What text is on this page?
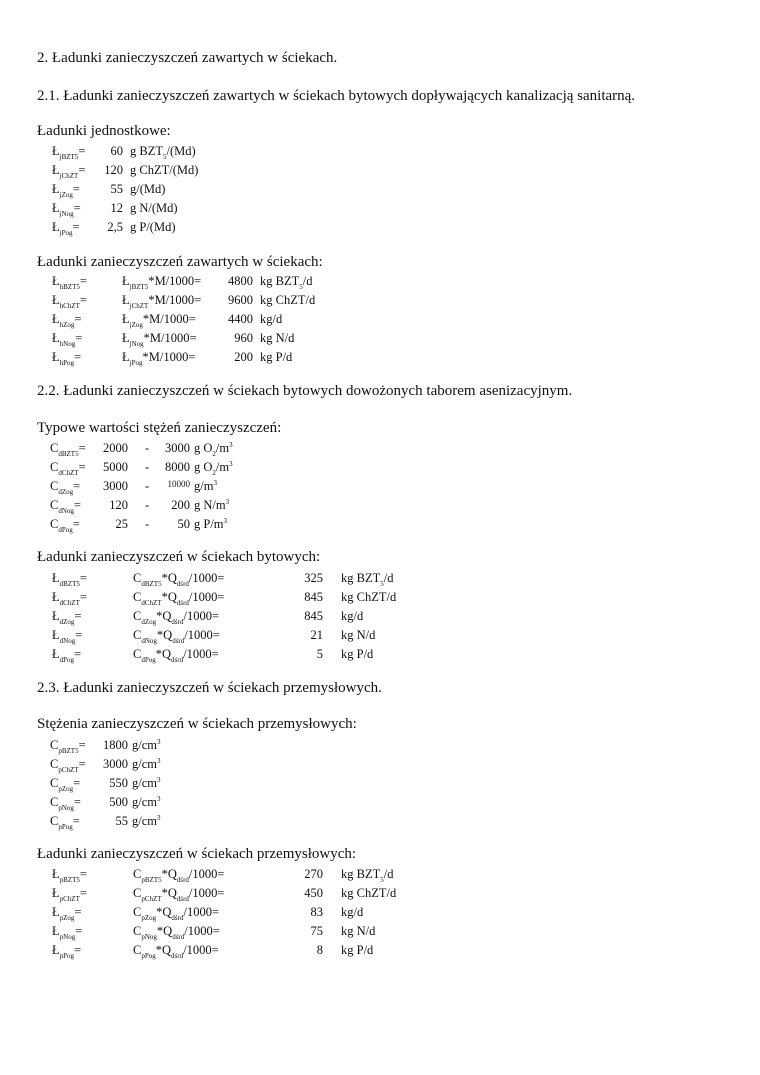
2. Ładunki zanieczyszczeń zawartych w ściekach.
2.1. Ładunki zanieczyszczeń zawartych w ściekach bytowych dopływających kanalizacją sanitarną.
Ładunki jednostkowe:
Ładunki zanieczyszczeń zawartych w ściekach:
2.2. Ładunki zanieczyszczeń w ściekach bytowych dowożonych taborem asenizacyjnym.
Typowe wartości stężeń zanieczyszczeń:
Ładunki zanieczyszczeń w ściekach bytowych:
2.3. Ładunki zanieczyszczeń w ściekach przemysłowych.
Stężenia zanieczyszczeń w ściekach przemysłowych:
Ładunki zanieczyszczeń w ściekach przemysłowych:
$Ł_{jBZT5}=$	60 g $BZT_5/(Md)$
$Ł_{jChZT}=$	120 g ChZT/(Md)
$Ł_{jZog}=$	55 g/(Md)
$Ł_{jNog}=$	12 g N/(Md)
$Ł_{jPog}=$	2,5 g P/(Md)
$Ł_{hBZT5}=$	$Ł_{jBZT5}*M/1000=$	4800 kg $BZT_5/d$
$Ł_{hChZT}=$	$Ł_{jChZT}*M/1000=$	9600 kg ChZT/d
$Ł_{hZog}=$	$Ł_{jZog}*M/1000=$	4400 kg/d
$Ł_{hNog}=$	$Ł_{jNog}*M/1000=$	960 kg N/d
$Ł_{hPog}=$	$Ł_{jPog}*M/1000=$	200 kg P/d
$C_{dBZT5}=$	2000 -	3000 g $O_2/m^3$
$C_{dChZT}=$	5000 -	8000 g $O_2/m^3$
$C_{dZog}=$	3000 -	10000 $g/m^3$
$C_{dNog}=$	120 -	200 g $N/m^3$
$C_{dPog}=$	25 -	50 g $P/m^3$
$Ł_{dBZT5}=$	$C_{dBZT5}*Q_{dśrd}/1000=$	325 kg $BZT_5/d$
$Ł_{dChZT}=$	$C_{dChZT}*Q_{dśrd}/1000=$	845 kg ChZT/d
$Ł_{dZog}=$	$C_{dZog}*Q_{dśrd}/1000=$	845 kg/d
$Ł_{dNog}=$	$C_{dNog}*Q_{dśrd}/1000=$	21 kg N/d
$Ł_{dPog}=$	$C_{dPog}*Q_{dśrd}/1000=$	5 kg P/d
$C_{pBZT5}=$	1800 $g/cm^3$
$C_{pChZT}=$	3000 $g/cm^3$
$C_{pZog}=$	550 $g/cm^3$
$C_{pNog}=$	500 $g/cm^3$
$C_{pPog}=$	55 $g/cm^3$
$Ł_{pBZT5}=$	$C_{pBZT5}*Q_{dśrd}/1000=$	270 kg $BZT_5/d$
$Ł_{pChZT}=$	$C_{pChZT}*Q_{dśrd}/1000=$	450 kg ChZT/d
$Ł_{pZog}=$	$C_{pZog}*Q_{dśrd}/1000=$	83 kg/d
$Ł_{pNog}=$	$C_{pNog}*Q_{dśrd}/1000=$	75 kg N/d
$Ł_{pPog}=$	$C_{pPog}*Q_{dśrd}/1000=$	8 kg P/d
